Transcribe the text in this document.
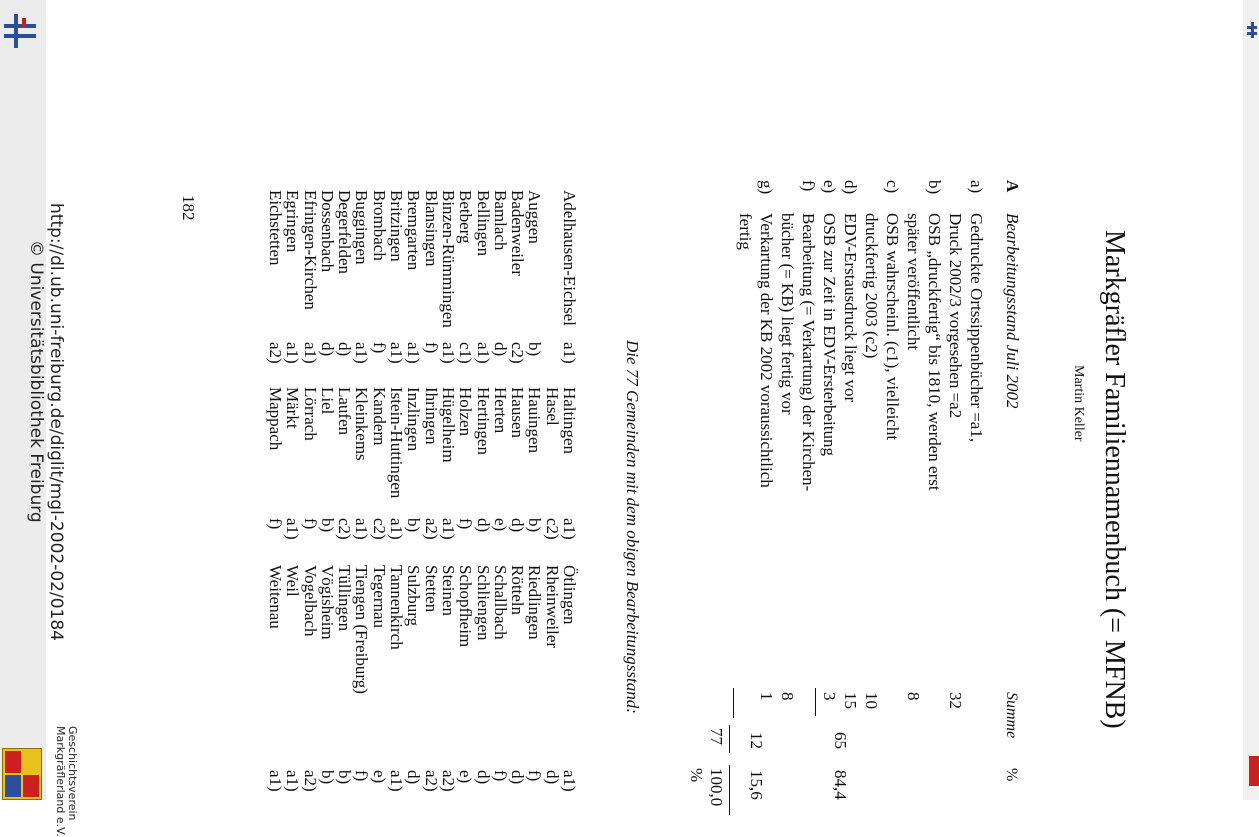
Markgräfler Familiennamenbuch (= MFNB)
Martin Keller
A
Bearbeitungsstand Juli 2002
Summe
%
a)
Gedruckte Ortssippenbücher =a1,
Druck 2002/3 vorgesehen =a2
32
b)
OSB „druckfertig“ bis 1810, werden erst
später veröffentlicht
8
c)
OSB wahrscheinl. (c1), vielleicht
druckfertig 2003 (c2)
10
d)
EDV-Erstausdruck liegt vor
15
65
84,4
e)
OSB zur Zeit in EDV-Ersterbeitung
3
f)
Bearbeitung (= Verkartung) der Kirchen-
bücher (= KB) liegt fertig vor
8
g)
Verkartung der KB 2002 voraussichtlich
fertig
1
12
15,6
77
100,0 %
Die 77 Gemeinden mit dem obigen Bearbeitungsstand:
Adelhausen-Eichsel
Auggen
Badenweiler
Bamlach
Bellingen
Betberg
Binzen-Rümmingen
Blansingen
Bremgarten
Britzingen
Brombach
Buggingen
Degerfelden
Dossenbach
Efringen-Kirchen
Egringen
Eichstetten
a1)
b)
c2)
d)
a1)
c1)
a1)
f)
a1)
a1)
f)
a1)
d)
d)
a1)
a1)
a2)
Haltingen
Hasel
Hauingen
Hausen
Herten
Hertingen
Holzen
Hügelheim
Ihringen
Inzlingen
Istein-Huttingen
Kandern
Kleinkems
Laufen
Liel
Lörrach
Märkt
Mappach
a1)
c2)
b)
d)
e)
d)
f)
a1)
a2)
b)
a1)
c2)
a1)
c2)
b)
f)
a1)
f)
Ötlingen
Rheinweiler
Riedlingen
Rötteln
Schallbach
Schliengen
Schopfheim
Steinen
Stetten
Sulzburg
Tannenkirch
Tegernau
Tiengen (Freiburg)
Tüllingen
Vögisheim
Vogelbach
Weil
Weitenau
a1)
d)
f)
d)
f)
d)
e)
a2)
a2)
d)
a1)
e)
f)
b)
b)
a2)
a1)
a1)
182
http://dl.ub.uni-freiburg.de/diglit/mgl-2002-02/0184
© Universitätsbibliothek Freiburg
Geschichtsverein
Markgräflerland e.V.
